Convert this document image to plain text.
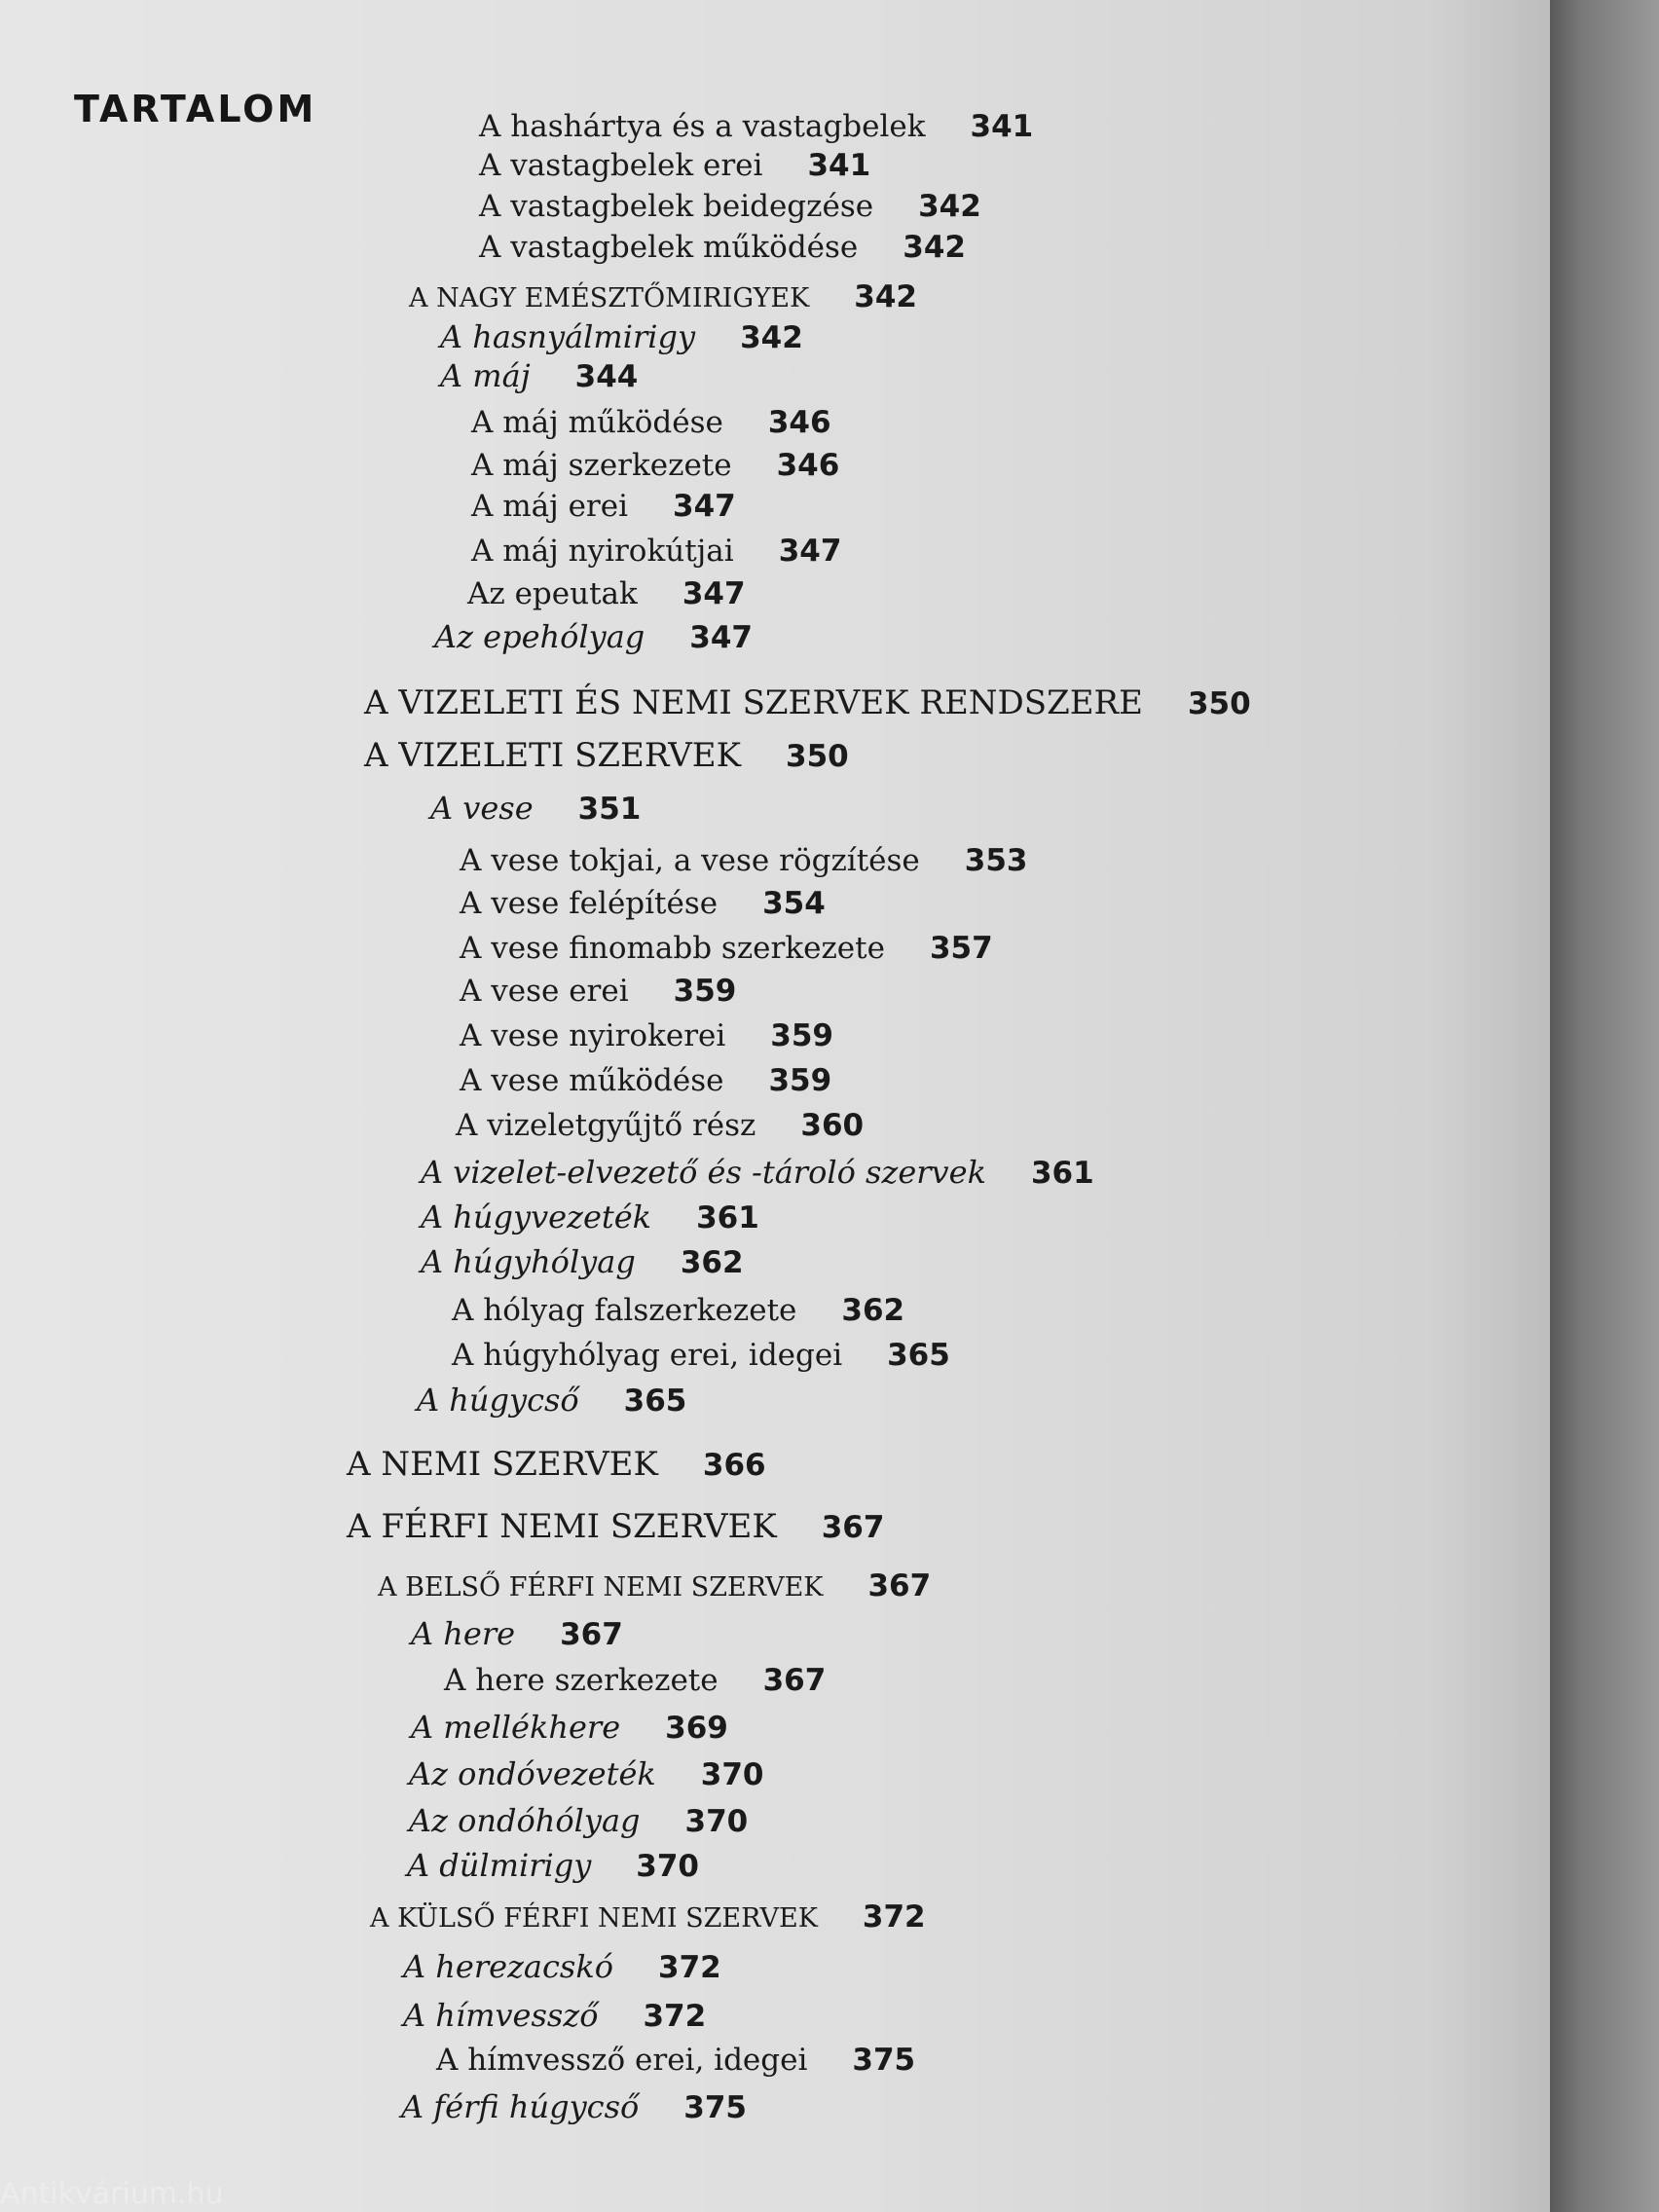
TARTALOM	A hashártya és a vastagbelek 341
A vastagbelek erei 341
A vastagbelek beidegzése 342
A vastagbelek működése 342
A NAGY EMÉSZTŐMIRIGYEK 342
A hasnyálmirigy 342
A máj 344
A máj működése 346
A máj szerkezete 346
A máj erei 347
A máj nyirokútjai 347
Az epeutak 347
Az epehólyag 347
A VIZELETI ÉS NEMI SZERVEK RENDSZERE 350
A VIZELETI SZERVEK 350
A vese 351
A vese tokjai, a vese rögzítése 353
A vese felépítése 354
A vese finomabb szerkezete 357
A vese erei 359
A vese nyirokerei 359
A vese működése 359
A vizeletgyűjtő rész 360
A vizelet-elvezető és -tároló szervek 361
A húgyvezeték 361
A húgyhólyag 362
A hólyag falszerkezete 362
A húgyhólyag erei, idegei 365
A húgycső 365
A NEMI SZERVEK 366
A FÉRFI NEMI SZERVEK 367
A BELSŐ FÉRFI NEMI SZERVEK 367
A here 367
A here szerkezete 367
A mellékhere 369
Az ondóvezeték 370
Az ondóhólyag 370
A dülmirigy 370
A KÜLSŐ FÉRFI NEMI SZERVEK 372
A herezacskó 372
A hímvessző 372
A hímvessző erei, idegei 375
A férfi húgycső 375
Antikvárium.hu
